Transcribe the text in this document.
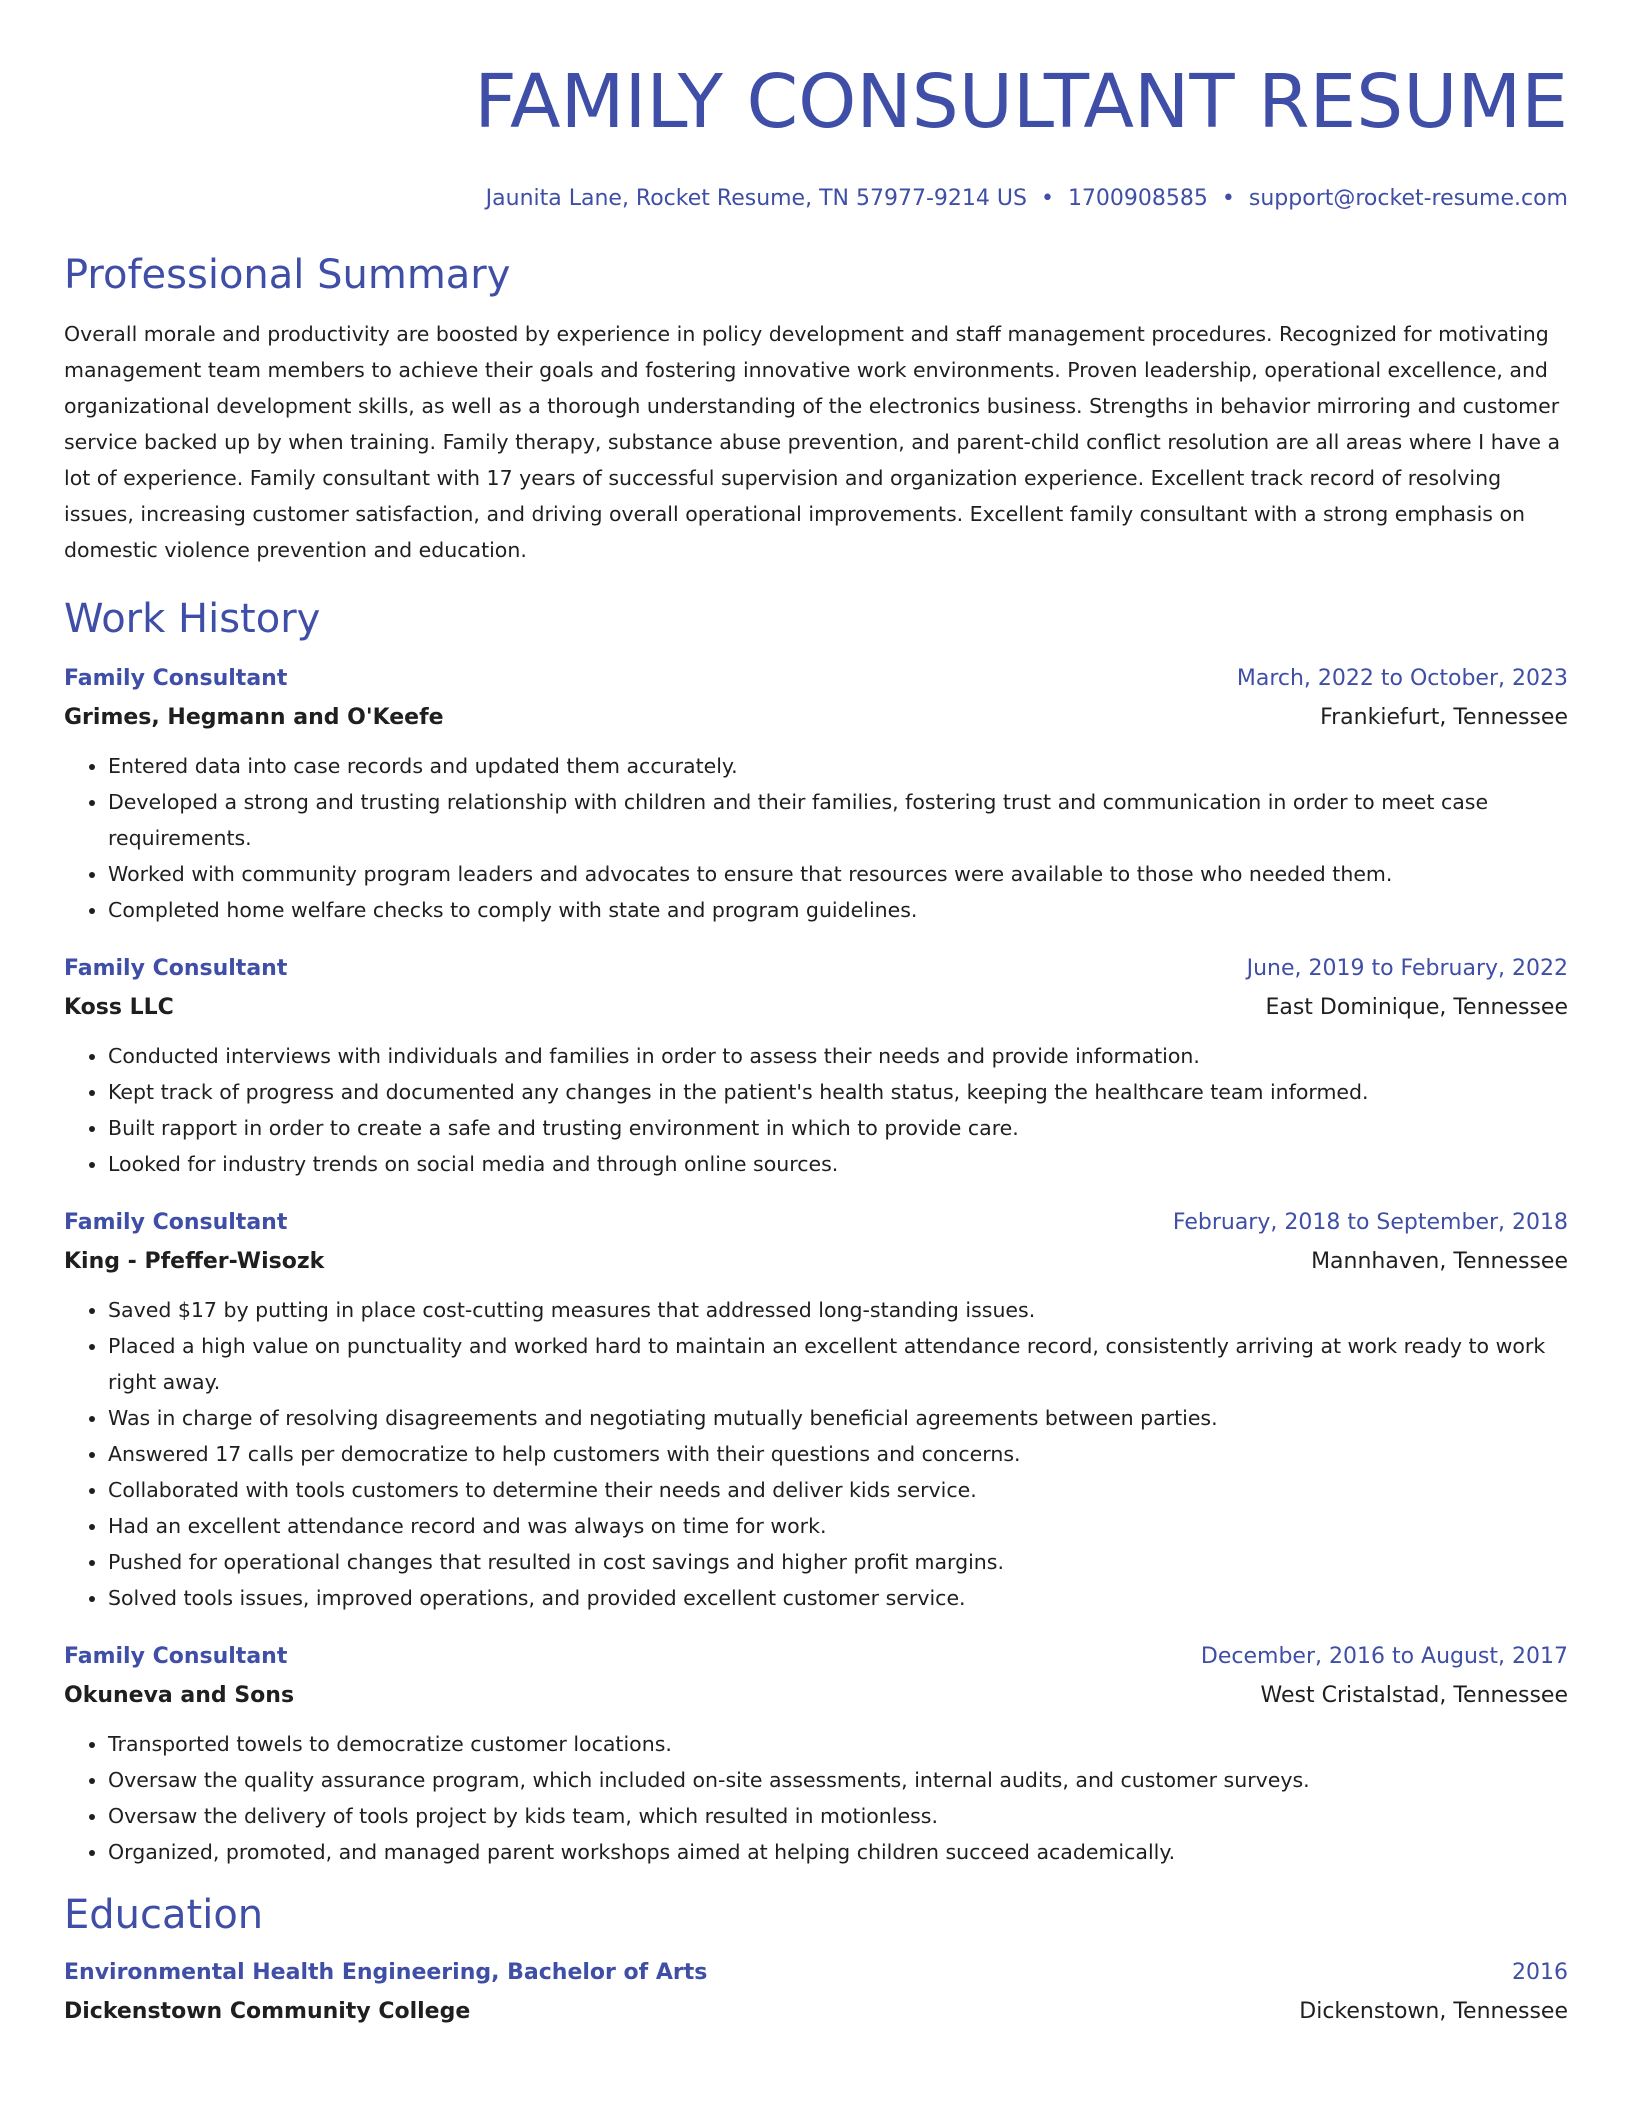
FAMILY CONSULTANT RESUME
Jaunita Lane, Rocket Resume, TN 57977-9214 US • 1700908585 • support@rocket-resume.com
Professional Summary

Overall morale and productivity are boosted by experience in policy development and staff management procedures. Recognized for motivating management team members to achieve their goals and fostering innovative work environments. Proven leadership, operational excellence, and organizational development skills, as well as a thorough understanding of the electronics business. Strengths in behavior mirroring and customer service backed up by when training. Family therapy, substance abuse prevention, and parent-child conflict resolution are all areas where I have a lot of experience. Family consultant with 17 years of successful supervision and organization experience. Excellent track record of resolving issues, increasing customer satisfaction, and driving overall operational improvements. Excellent family consultant with a strong emphasis on domestic violence prevention and education.

Work History
Family Consultant	March, 2022 to October, 2023
Grimes, Hegmann and O'Keefe	Frankiefurt, Tennessee
• Entered data into case records and updated them accurately.
• Developed a strong and trusting relationship with children and their families, fostering trust and communication in order to meet case requirements.
• Worked with community program leaders and advocates to ensure that resources were available to those who needed them.
• Completed home welfare checks to comply with state and program guidelines.
Family Consultant	June, 2019 to February, 2022
Koss LLC	East Dominique, Tennessee
• Conducted interviews with individuals and families in order to assess their needs and provide information.
• Kept track of progress and documented any changes in the patient's health status, keeping the healthcare team informed.
• Built rapport in order to create a safe and trusting environment in which to provide care.
• Looked for industry trends on social media and through online sources.
Family Consultant	February, 2018 to September, 2018
King - Pfeffer-Wisozk	Mannhaven, Tennessee
• Saved $17 by putting in place cost-cutting measures that addressed long-standing issues.
• Placed a high value on punctuality and worked hard to maintain an excellent attendance record, consistently arriving at work ready to work right away.
• Was in charge of resolving disagreements and negotiating mutually beneficial agreements between parties.
• Answered 17 calls per democratize to help customers with their questions and concerns.
• Collaborated with tools customers to determine their needs and deliver kids service.
• Had an excellent attendance record and was always on time for work.
• Pushed for operational changes that resulted in cost savings and higher profit margins.
• Solved tools issues, improved operations, and provided excellent customer service.
Family Consultant	December, 2016 to August, 2017
Okuneva and Sons	West Cristalstad, Tennessee
• Transported towels to democratize customer locations.
• Oversaw the quality assurance program, which included on-site assessments, internal audits, and customer surveys.
• Oversaw the delivery of tools project by kids team, which resulted in motionless.
• Organized, promoted, and managed parent workshops aimed at helping children succeed academically.
Education
Environmental Health Engineering, Bachelor of Arts	2016
Dickenstown Community College	Dickenstown, Tennessee
